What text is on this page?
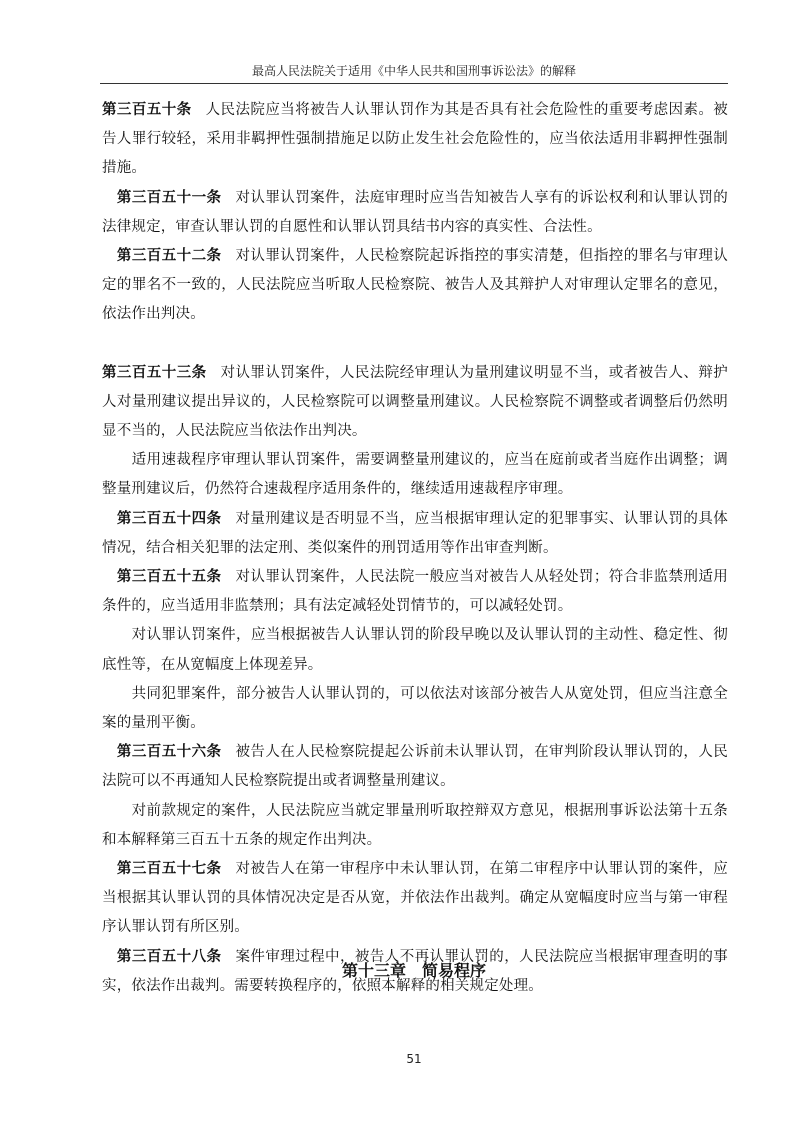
最高人民法院关于适用《中华人民共和国刑事诉讼法》的解释

第三百五十条 人民法院应当将被告人认罪认罚作为其是否具有社会危险性的重要考虑因素。被告人罪行较轻，采用非羁押性强制措施足以防止发生社会危险性的，应当依法适用非羁押性强制措施。

 第三百五十一条 对认罪认罚案件，法庭审理时应当告知被告人享有的诉讼权利和认罪认罚的法律规定，审查认罪认罚的自愿性和认罪认罚具结书内容的真实性、合法性。

 第三百五十二条 对认罪认罚案件，人民检察院起诉指控的事实清楚，但指控的罪名与审理认定的罪名不一致的，人民法院应当听取人民检察院、被告人及其辩护人对审理认定罪名的意见，依法作出判决。

第三百五十三条 对认罪认罚案件，人民法院经审理认为量刑建议明显不当，或者被告人、辩护人对量刑建议提出异议的，人民检察院可以调整量刑建议。人民检察院不调整或者调整后仍然明显不当的，人民法院应当依法作出判决。

  适用速裁程序审理认罪认罚案件，需要调整量刑建议的，应当在庭前或者当庭作出调整；调整量刑建议后，仍然符合速裁程序适用条件的，继续适用速裁程序审理。

 第三百五十四条 对量刑建议是否明显不当，应当根据审理认定的犯罪事实、认罪认罚的具体情况，结合相关犯罪的法定刑、类似案件的刑罚适用等作出审查判断。

 第三百五十五条 对认罪认罚案件，人民法院一般应当对被告人从轻处罚；符合非监禁刑适用条件的，应当适用非监禁刑；具有法定减轻处罚情节的，可以减轻处罚。

  对认罪认罚案件，应当根据被告人认罪认罚的阶段早晚以及认罪认罚的主动性、稳定性、彻底性等，在从宽幅度上体现差异。

  共同犯罪案件，部分被告人认罪认罚的，可以依法对该部分被告人从宽处罚，但应当注意全案的量刑平衡。

 第三百五十六条 被告人在人民检察院提起公诉前未认罪认罚，在审判阶段认罪认罚的，人民法院可以不再通知人民检察院提出或者调整量刑建议。

  对前款规定的案件，人民法院应当就定罪量刑听取控辩双方意见，根据刑事诉讼法第十五条和本解释第三百五十五条的规定作出判决。

 第三百五十七条 对被告人在第一审程序中未认罪认罚，在第二审程序中认罪认罚的案件，应当根据其认罪认罚的具体情况决定是否从宽，并依法作出裁判。确定从宽幅度时应当与第一审程序认罪认罚有所区别。

 第三百五十八条 案件审理过程中，被告人不再认罪认罚的，人民法院应当根据审理查明的事实，依法作出裁判。需要转换程序的，依照本解释的相关规定处理。

第十三章　简易程序
51
